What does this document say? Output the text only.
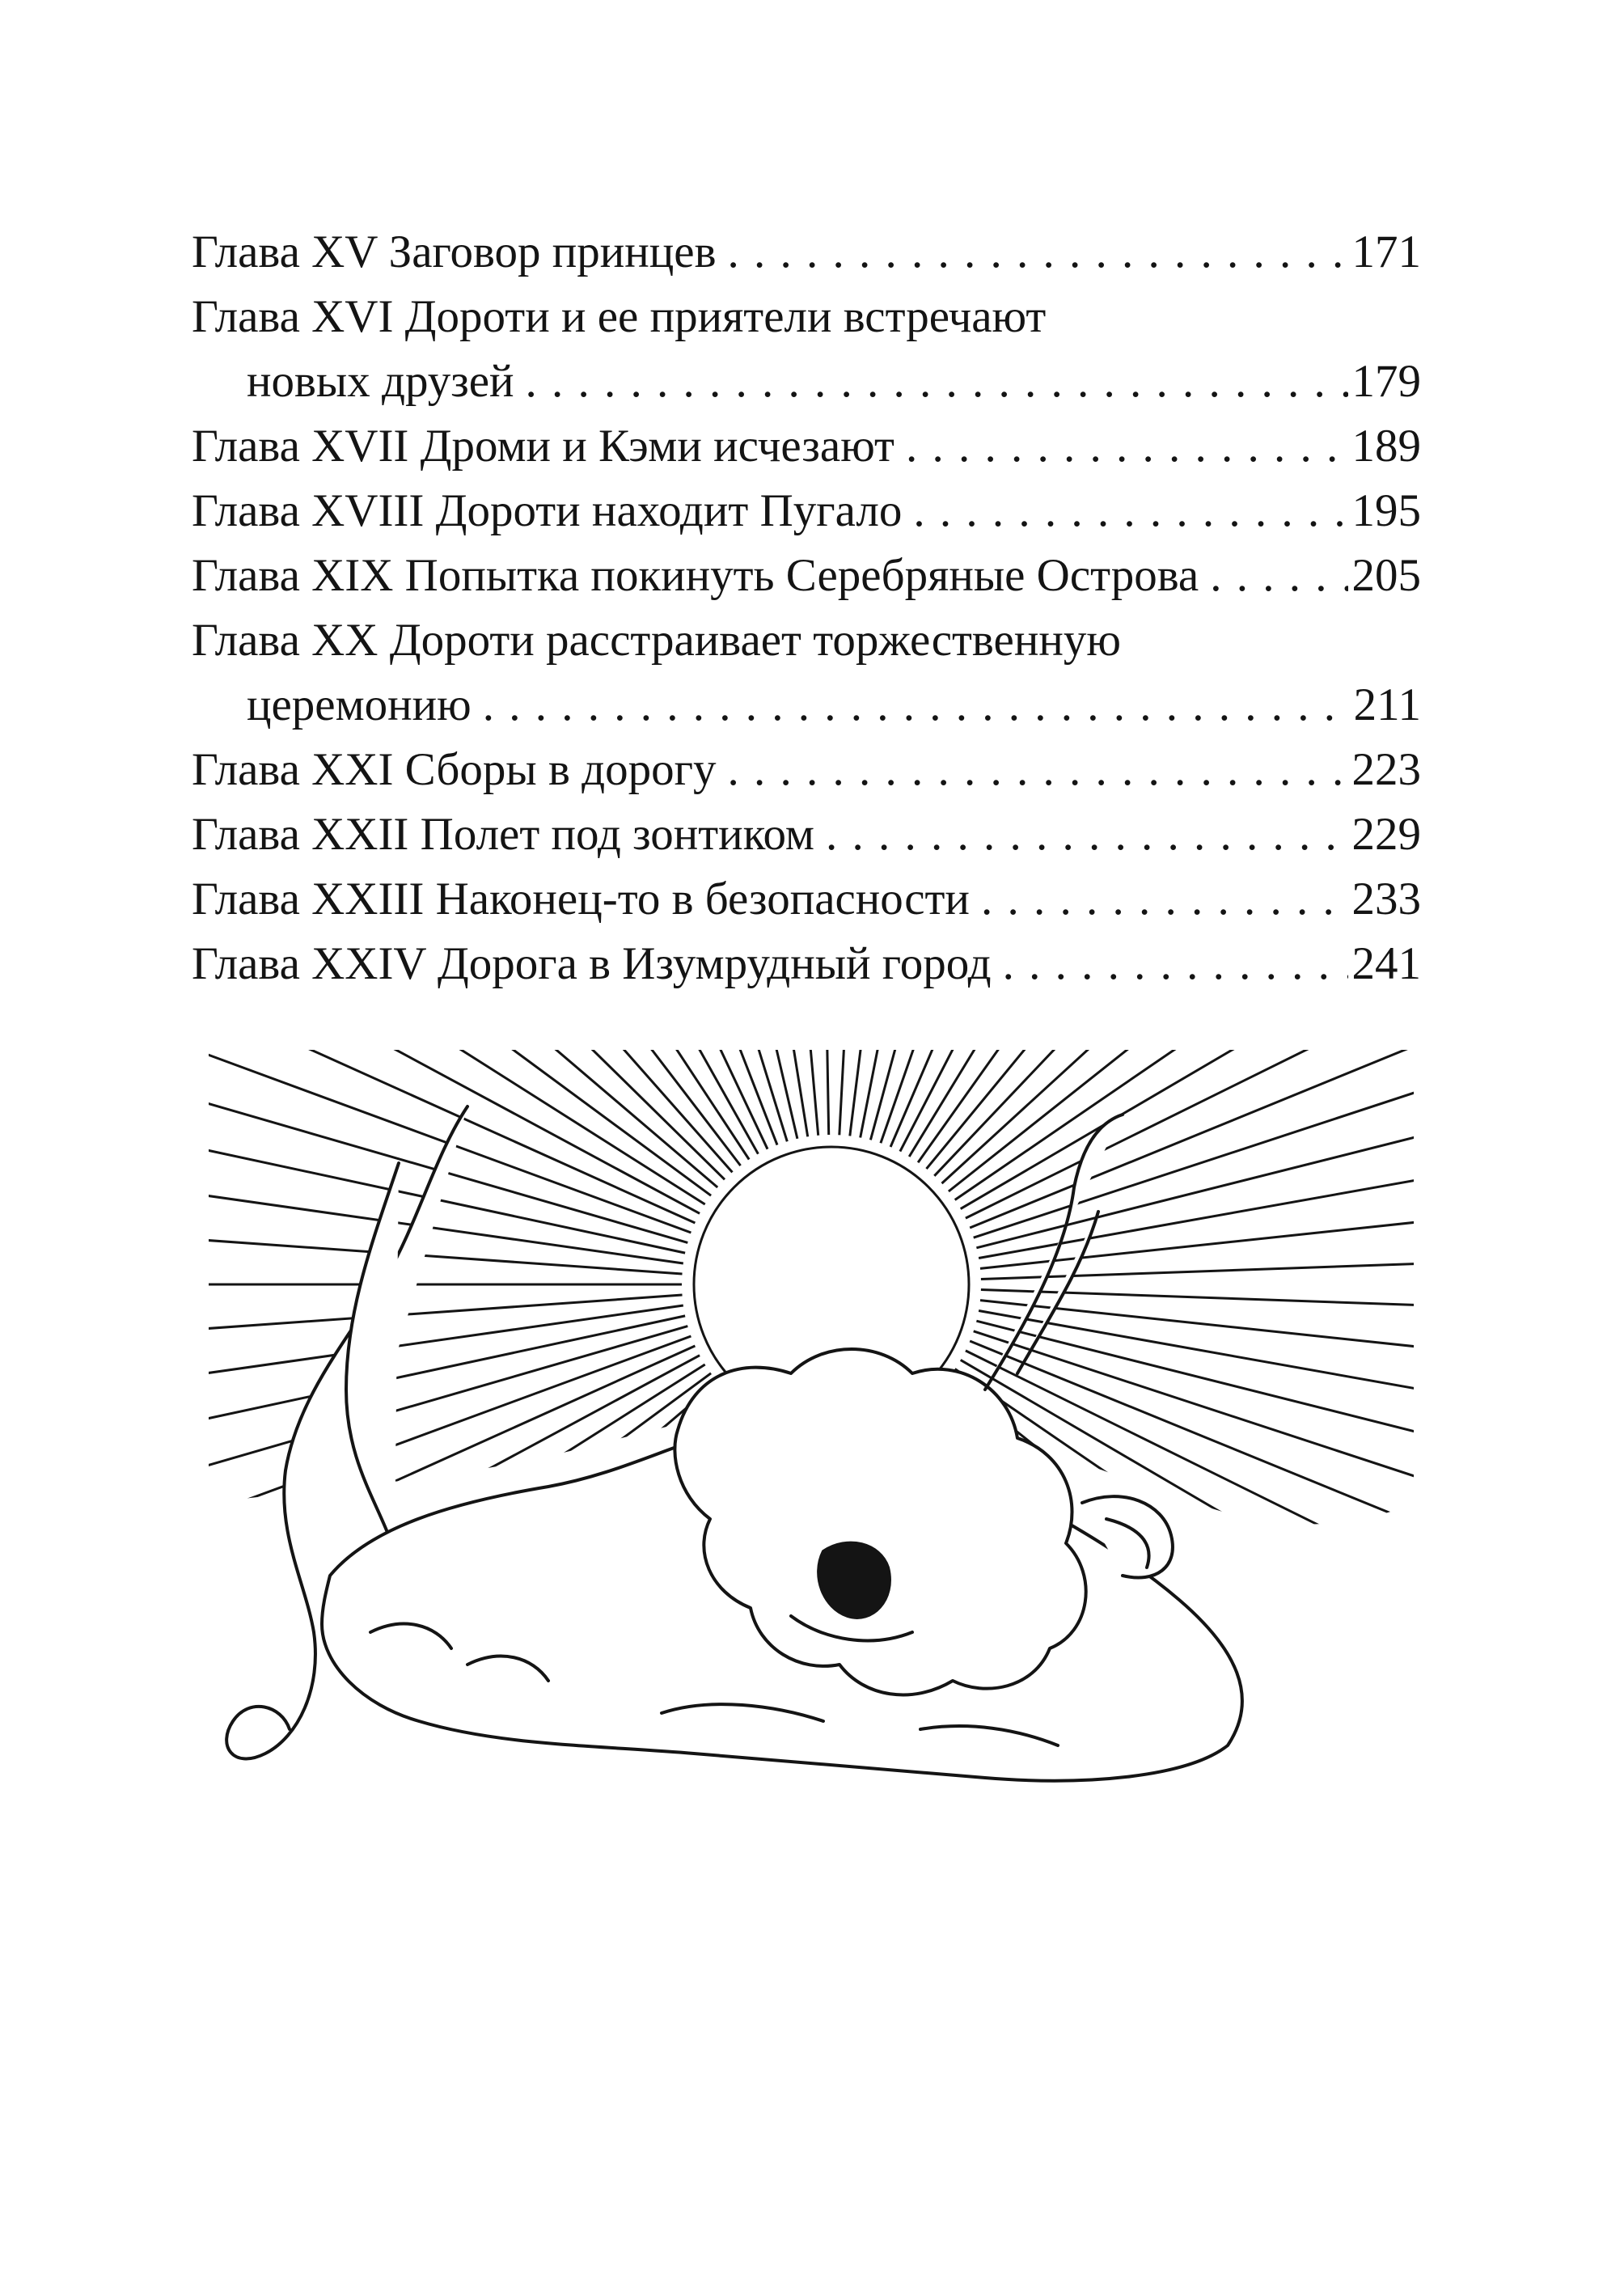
Глава XV Заговор принцев . . .	171
Глава XVI Дороти и ее приятели встречают
новых друзей . . .	179
Глава XVII Дроми и Кэми исчезают . . .	189
Глава XVIII Дороти находит Пугало . . .	195
Глава XIX Попытка покинуть Серебряные Острова . . .	205
Глава XX Дороти расстраивает торжественную
церемонию . . .	211
Глава XXI Сборы в дорогу . . .	223
Глава XXII Полет под зонтиком . . .	229
Глава XXIII Наконец-то в безопасности . . .	233
Глава XXIV Дорога в Изумрудный город . . .	241
